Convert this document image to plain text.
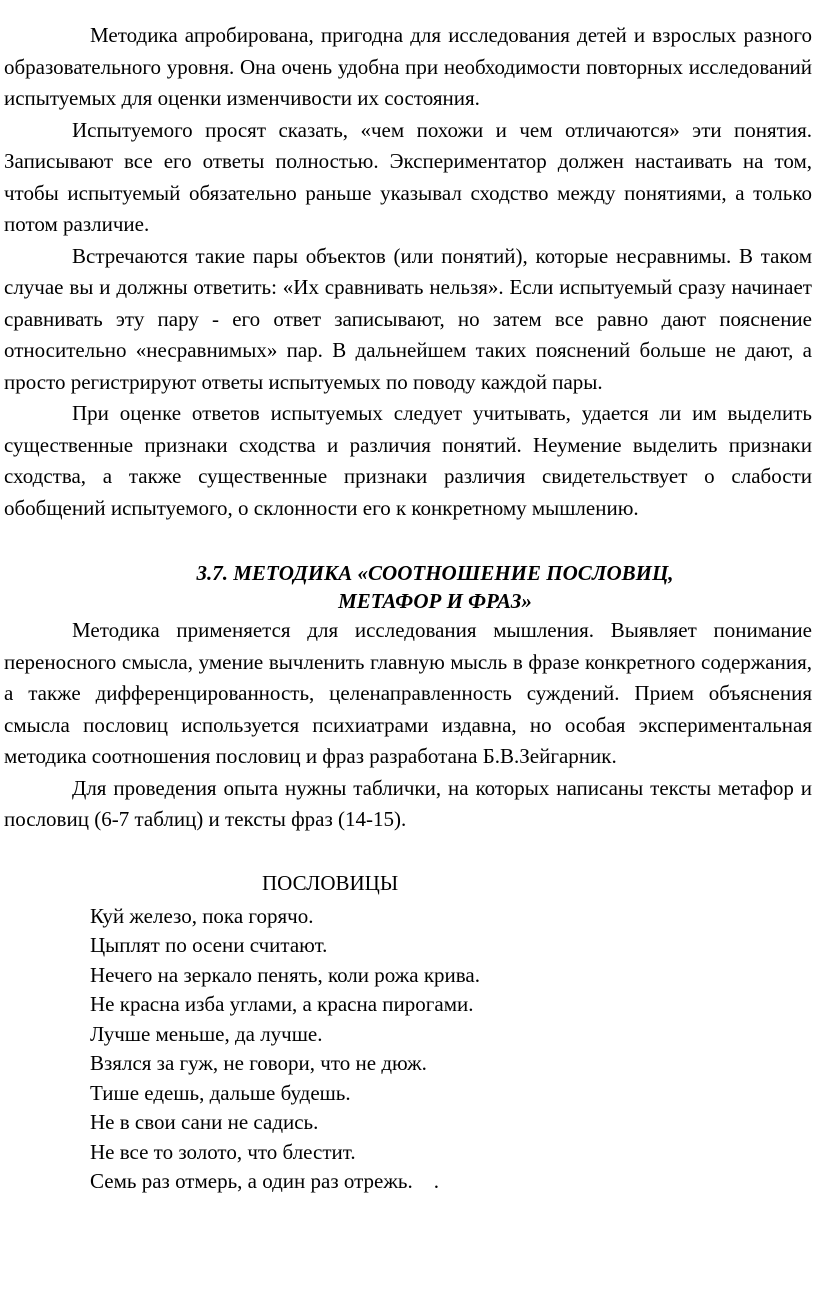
Методика апробирована, пригодна для исследования детей и взрослых разного образовательного уровня. Она очень удобна при необходимости повторных исследований испытуемых для оценки изменчивости их состояния.

Испытуемого просят сказать, «чем похожи и чем отличаются» эти понятия. Записывают все его ответы полностью. Экспериментатор должен настаивать на том, чтобы испытуемый обязательно раньше указывал сходство между понятиями, а только потом различие.

Встречаются такие пары объектов (или понятий), которые несравнимы. В таком случае вы и должны ответить: «Их сравнивать нельзя». Если испытуемый сразу начинает сравнивать эту пару - его ответ записывают, но затем все равно дают пояснение относительно «несравнимых» пар. В дальнейшем таких пояснений больше не дают, а просто регистрируют ответы испытуемых по поводу каждой пары.

При оценке ответов испытуемых следует учитывать, удается ли им выделить существенные признаки сходства и различия понятий. Неумение выделить признаки сходства, а также существенные признаки различия свидетельствует о слабости обобщений испытуемого, о склонности его к конкретному мышлению.

3.7. МЕТОДИКА «СООТНОШЕНИЕ ПОСЛОВИЦ,
МЕТАФОР И ФРАЗ»

Методика применяется для исследования мышления. Выявляет понимание переносного смысла, умение вычленить главную мысль в фразе конкретного содержания, а также дифференцированность, целенаправленность суждений. Прием объяснения смысла пословиц используется психиатрами издавна, но особая экспериментальная методика соотношения пословиц и фраз разработана Б.В.Зейгарник.

Для проведения опыта нужны таблички, на которых написаны тексты метафор и пословиц (6-7 таблиц) и тексты фраз (14-15).

ПОСЛОВИЦЫ
Куй железо, пока горячо.
Цыплят по осени считают.
Нечего на зеркало пенять, коли рожа крива.
Не красна изба углами, а красна пирогами.
Лучше меньше, да лучше.
Взялся за гуж, не говори, что не дюж.
Тише едешь, дальше будешь.
Не в свои сани не садись.
Не все то золото, что блестит.
Семь раз отмерь, а один раз отрежь.    .
